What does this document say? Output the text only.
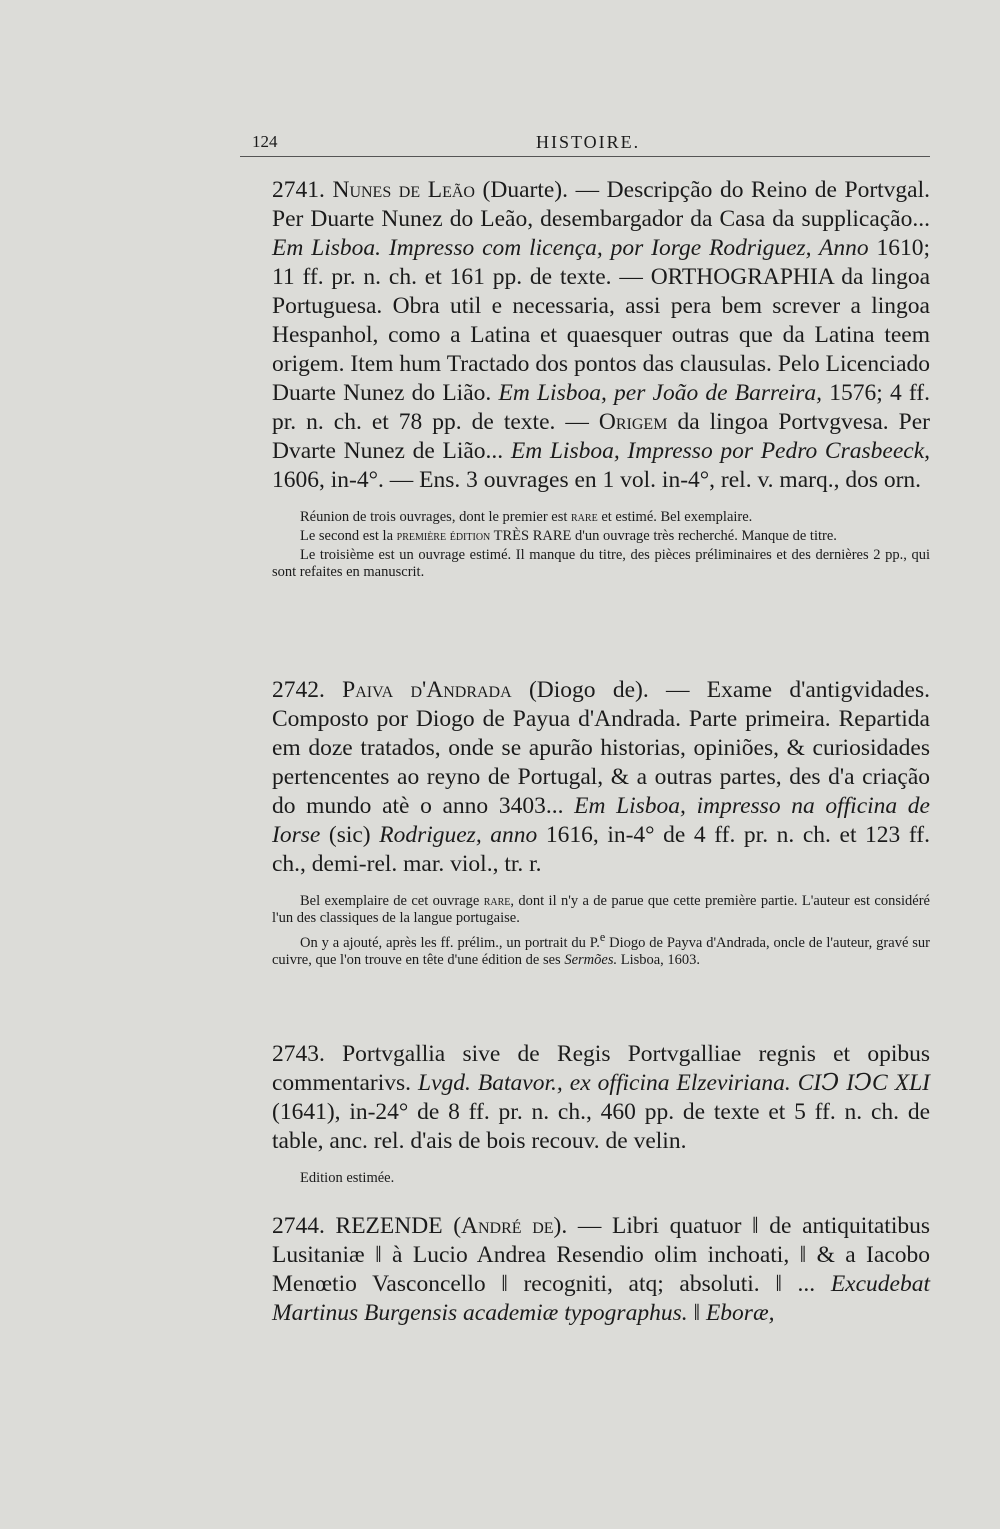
124	HISTOIRE.

2741. Nunes de Leão (Duarte). — Descripção do Reino de Portvgal. Per Duarte Nunez do Leão, desembargador da Casa da supplicação... Em Lisboa. Impresso com licença, por Iorge Rodriguez, Anno 1610; 11 ff. pr. n. ch. et 161 pp. de texte. — ORTHOGRAPHIA da lingoa Portuguesa. Obra util e necessaria, assi pera bem screver a lingoa Hespanhol, como a Latina et quaesquer outras que da Latina teem origem. Item hum Tractado dos pontos das clausulas. Pelo Licenciado Duarte Nunez do Lião. Em Lisboa, per João de Barreira, 1576; 4 ff. pr. n. ch. et 78 pp. de texte. — Origem da lingoa Portvgvesa. Per Dvarte Nunez de Lião... Em Lisboa, Impresso por Pedro Crasbeeck, 1606, in-4°. — Ens. 3 ouvrages en 1 vol. in-4°, rel. v. marq., dos orn.

Réunion de trois ouvrages, dont le premier est rare et estimé. Bel exemplaire.

Le second est la première édition TRÈS RARE d'un ouvrage très recherché. Manque de titre.

Le troisième est un ouvrage estimé. Il manque du titre, des pièces préliminaires et des dernières 2 pp., qui sont refaites en manuscrit.

2742. Paiva d'Andrada (Diogo de). — Exame d'antigvidades. Composto por Diogo de Payua d'Andrada. Parte primeira. Repartida em doze tratados, onde se apurão historias, opiniões, & curiosidades pertencentes ao reyno de Portugal, & a outras partes, des d'a criação do mundo atè o anno 3403... Em Lisboa, impresso na officina de Iorse (sic) Rodriguez, anno 1616, in-4° de 4 ff. pr. n. ch. et 123 ff. ch., demi-rel. mar. viol., tr. r.

Bel exemplaire de cet ouvrage rare, dont il n'y a de parue que cette première partie. L'auteur est considéré l'un des classiques de la langue portugaise.

On y a ajouté, après les ff. prélim., un portrait du P.$^e$ Diogo de Payva d'Andrada, oncle de l'auteur, gravé sur cuivre, que l'on trouve en tête d'une édition de ses Sermões. Lisboa, 1603.

2743. Portvgallia sive de Regis Portvgalliae regnis et opibus commentarivs. Lvgd. Batavor., ex officina Elzeviriana. CIↃ IↃC XLI (1641), in-24° de 8 ff. pr. n. ch., 460 pp. de texte et 5 ff. n. ch. de table, anc. rel. d'ais de bois recouv. de velin.

Edition estimée.

2744. REZENDE (André de). — Libri quatuor ‖ de antiquitatibus Lusitaniæ ‖ à Lucio Andrea Resendio olim inchoati, ‖ & a Iacobo Menœtio Vasconcello ‖ recogniti, atq; absoluti. ‖ ... Excudebat Martinus Burgensis academiæ typographus. ‖ Eboræ,
